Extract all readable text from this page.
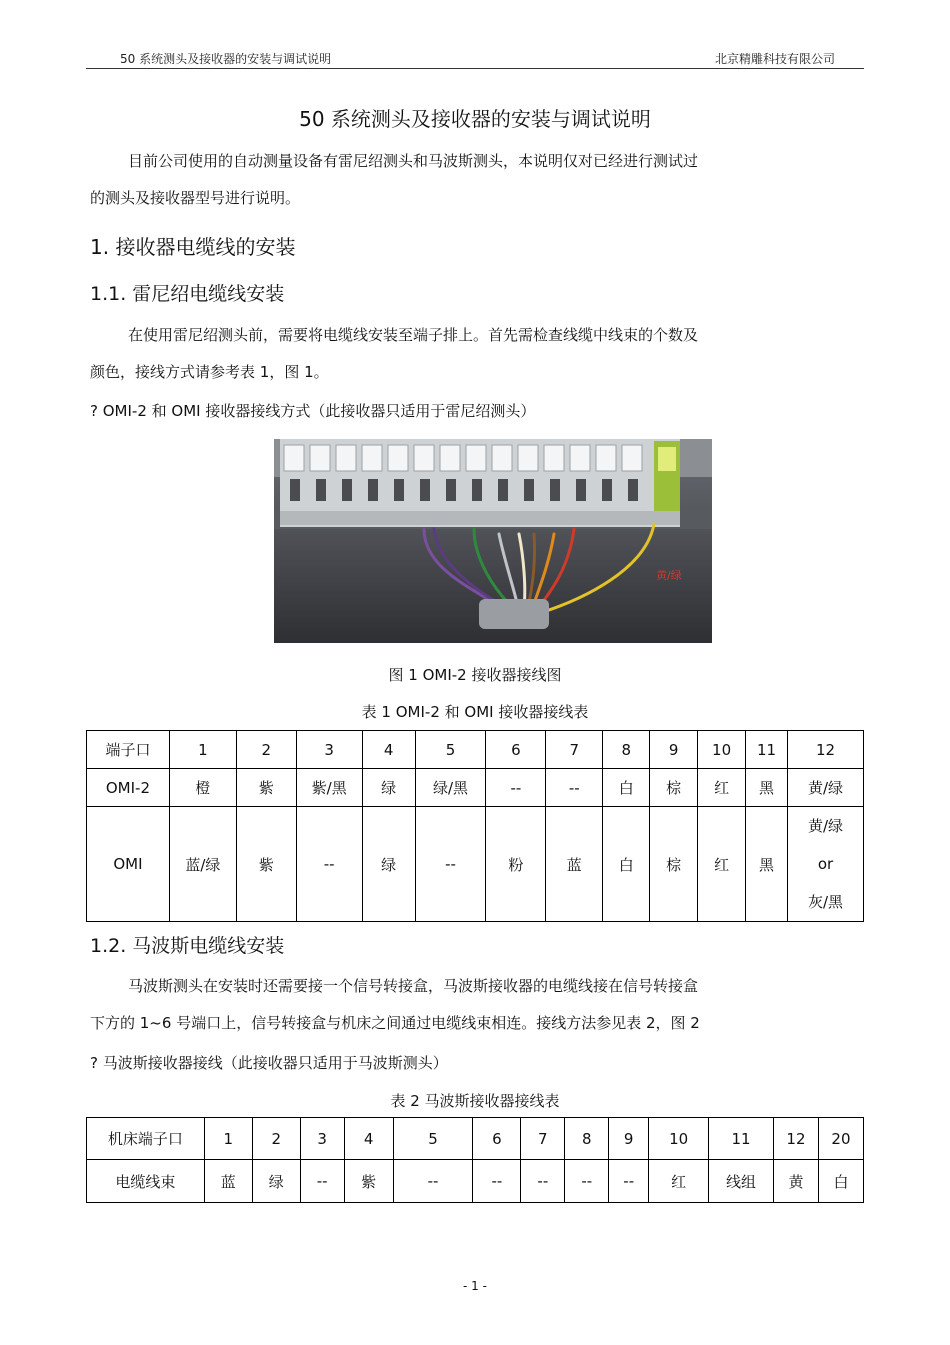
50 系统测头及接收器的安装与调试说明	北京精雕科技有限公司
50 系统测头及接收器的安装与调试说明
目前公司使用的自动测量设备有雷尼绍测头和马波斯测头，本说明仅对已经进行测试过
的测头及接收器型号进行说明。
1. 接收器电缆线的安装
1.1. 雷尼绍电缆线安装
在使用雷尼绍测头前，需要将电缆线安装至端子排上。首先需检查线缆中线束的个数及
颜色，接线方式请参考表 1，图 1。
? OMI-2 和 OMI 接收器接线方式（此接收器只适用于雷尼绍测头）
黄/绿
图 1 OMI-2 接收器接线图
表 1 OMI-2 和 OMI 接收器接线表
端子口	1	2	3	4	5	6	7	8	9	10	11	12
OMI-2	橙	紫	紫/黑	绿	绿/黑	--	--	白	棕	红	黑	黄/绿
OMI	蓝/绿	紫	--	绿	--	粉	蓝	白	棕	红	黑	黄/绿
or
灰/黑
1.2. 马波斯电缆线安装
马波斯测头在安装时还需要接一个信号转接盒，马波斯接收器的电缆线接在信号转接盒
下方的 1~6 号端口上，信号转接盒与机床之间通过电缆线束相连。接线方法参见表 2，图 2
? 马波斯接收器接线（此接收器只适用于马波斯测头）
表 2 马波斯接收器接线表
机床端子口	1	2	3	4	5	6	7	8	9	10	11	12	20
电缆线束	蓝	绿	--	紫	--	--	--	--	--	红	线组	黄	白
- 1 -
